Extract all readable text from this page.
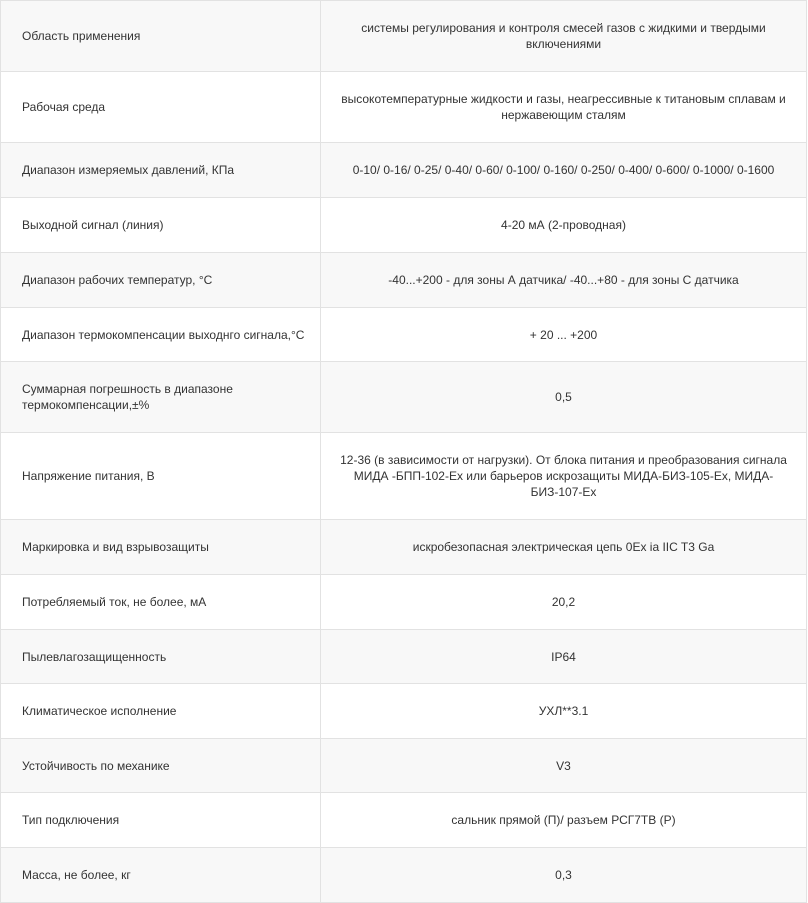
Область применения	системы регулирования и контроля смесей газов с жидкими и твердыми включениями
Рабочая среда	высокотемпературные жидкости и газы, неагрессивные к титановым сплавам и нержавеющим сталям
Диапазон измеряемых давлений, КПа	0-10/ 0-16/ 0-25/ 0-40/ 0-60/ 0-100/ 0-160/ 0-250/ 0-400/ 0-600/ 0-1000/ 0-1600
Выходной сигнал (линия)	4-20 мА (2-проводная)
Диапазон рабочих температур, °С	-40...+200 - для зоны А датчика/ -40...+80 - для зоны С датчика
Диапазон термокомпенсации выходнго сигнала,°С	+ 20 ... +200
Суммарная погрешность в диапазоне термокомпенсации,±%	0,5
Напряжение питания, В	12-36 (в зависимости от нагрузки). От блока питания и преобразования сигнала МИДА -БПП-102-Ех или барьеров искрозащиты МИДА-БИЗ-105-Ех, МИДА-БИЗ-107-Ех
Маркировка и вид взрывозащиты	искробезопасная электрическая цепь 0Ex ia IIC T3 Ga
Потребляемый ток, не более, мА	20,2
Пылевлагозащищенность	IP64
Климатическое исполнение	УХЛ**3.1
Устойчивость по механике	V3
Тип подключения	сальник прямой (П)/ разъем РСГ7ТВ (Р)
Масса, не более, кг	0,3
